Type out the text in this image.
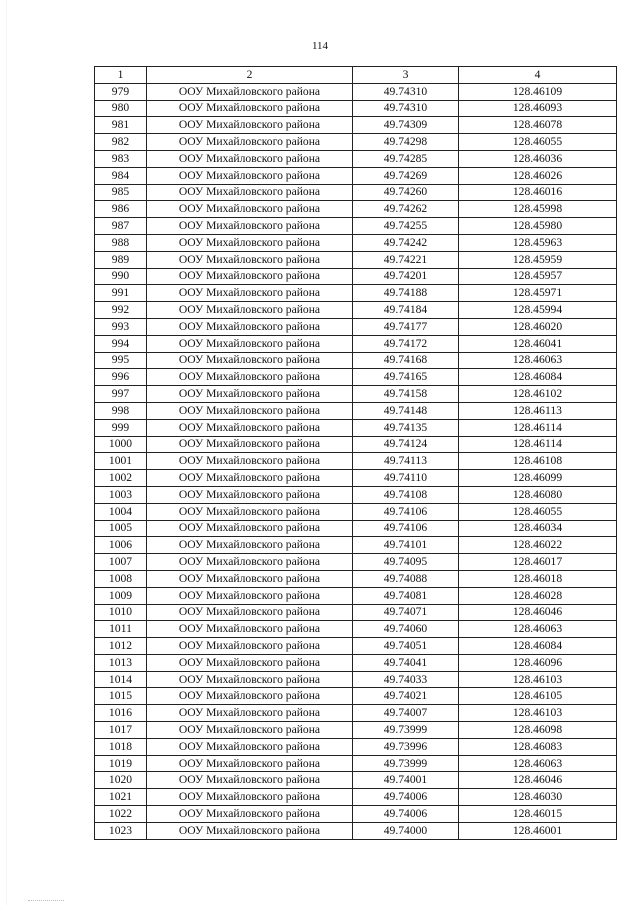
114
1	2	3	4
979	ООУ Михайловского района	49.74310	128.46109
980	ООУ Михайловского района	49.74310	128.46093
981	ООУ Михайловского района	49.74309	128.46078
982	ООУ Михайловского района	49.74298	128.46055
983	ООУ Михайловского района	49.74285	128.46036
984	ООУ Михайловского района	49.74269	128.46026
985	ООУ Михайловского района	49.74260	128.46016
986	ООУ Михайловского района	49.74262	128.45998
987	ООУ Михайловского района	49.74255	128.45980
988	ООУ Михайловского района	49.74242	128.45963
989	ООУ Михайловского района	49.74221	128.45959
990	ООУ Михайловского района	49.74201	128.45957
991	ООУ Михайловского района	49.74188	128.45971
992	ООУ Михайловского района	49.74184	128.45994
993	ООУ Михайловского района	49.74177	128.46020
994	ООУ Михайловского района	49.74172	128.46041
995	ООУ Михайловского района	49.74168	128.46063
996	ООУ Михайловского района	49.74165	128.46084
997	ООУ Михайловского района	49.74158	128.46102
998	ООУ Михайловского района	49.74148	128.46113
999	ООУ Михайловского района	49.74135	128.46114
1000	ООУ Михайловского района	49.74124	128.46114
1001	ООУ Михайловского района	49.74113	128.46108
1002	ООУ Михайловского района	49.74110	128.46099
1003	ООУ Михайловского района	49.74108	128.46080
1004	ООУ Михайловского района	49.74106	128.46055
1005	ООУ Михайловского района	49.74106	128.46034
1006	ООУ Михайловского района	49.74101	128.46022
1007	ООУ Михайловского района	49.74095	128.46017
1008	ООУ Михайловского района	49.74088	128.46018
1009	ООУ Михайловского района	49.74081	128.46028
1010	ООУ Михайловского района	49.74071	128.46046
1011	ООУ Михайловского района	49.74060	128.46063
1012	ООУ Михайловского района	49.74051	128.46084
1013	ООУ Михайловского района	49.74041	128.46096
1014	ООУ Михайловского района	49.74033	128.46103
1015	ООУ Михайловского района	49.74021	128.46105
1016	ООУ Михайловского района	49.74007	128.46103
1017	ООУ Михайловского района	49.73999	128.46098
1018	ООУ Михайловского района	49.73996	128.46083
1019	ООУ Михайловского района	49.73999	128.46063
1020	ООУ Михайловского района	49.74001	128.46046
1021	ООУ Михайловского района	49.74006	128.46030
1022	ООУ Михайловского района	49.74006	128.46015
1023	ООУ Михайловского района	49.74000	128.46001
